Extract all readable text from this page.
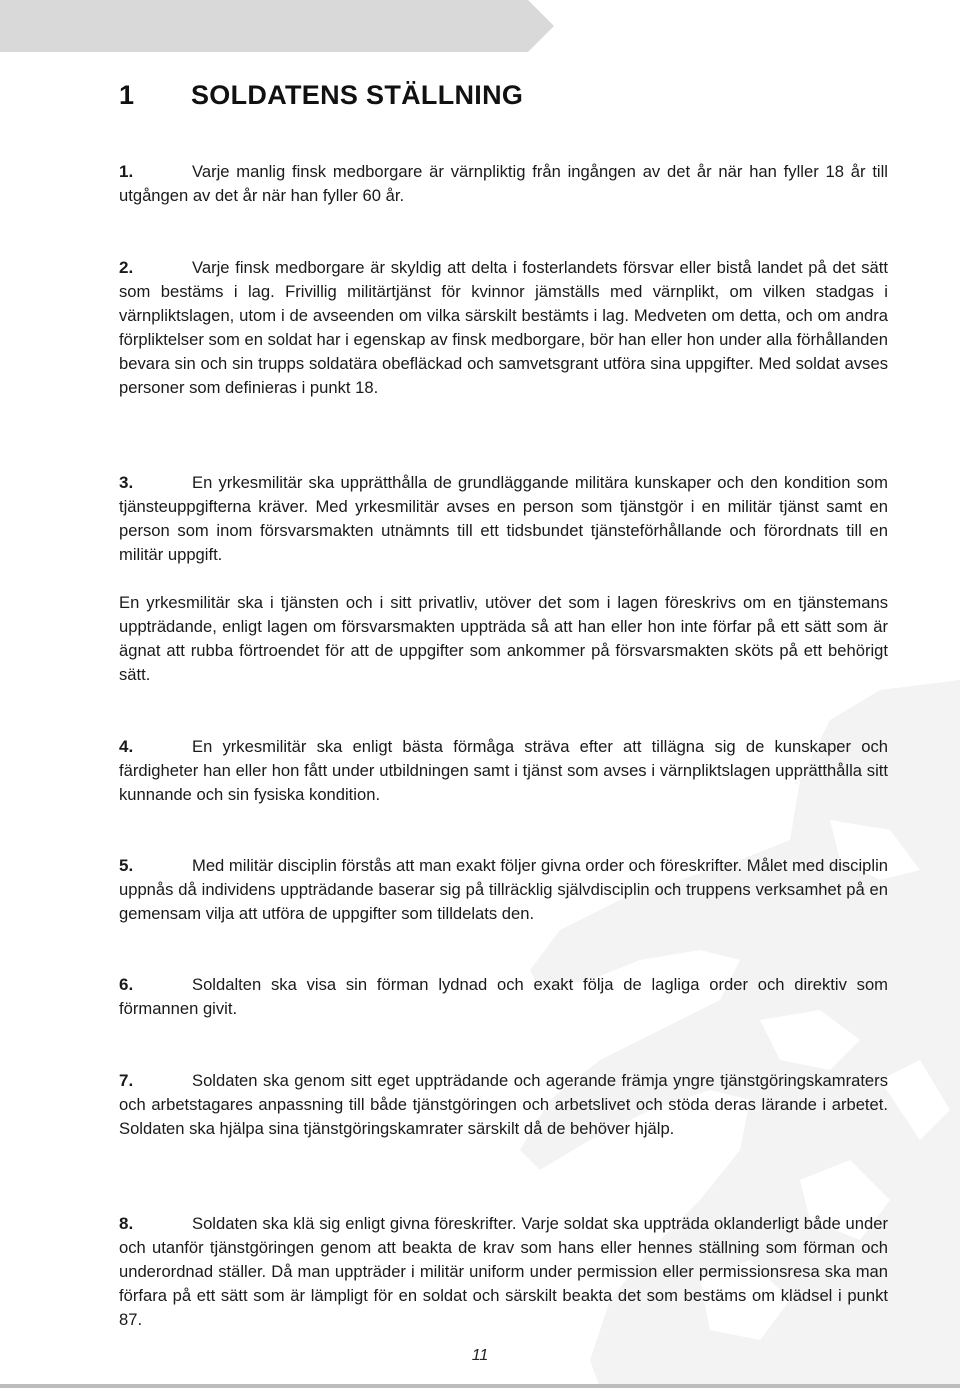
1 SOLDATENS STÄLLNING

1.	Varje manlig finsk medborgare är värnpliktig från ingången av det år när han fyller 18 år till utgången av det år när han fyller 60 år.

2.	Varje finsk medborgare är skyldig att delta i fosterlandets försvar eller bistå landet på det sätt som bestäms i lag. Frivillig militärtjänst för kvinnor jämställs med värnplikt, om vilken stadgas i värnpliktslagen, utom i de avseenden om vilka särskilt bestämts i lag. Medveten om detta, och om andra förpliktelser som en soldat har i egenskap av finsk medborgare, bör han eller hon under alla förhållanden bevara sin och sin trupps soldatära obefläckad och samvetsgrant utföra sina uppgifter. Med soldat avses personer som definieras i punkt 18.

3.	En yrkesmilitär ska upprätthålla de grundläggande militära kunskaper och den kondition som tjänsteuppgifterna kräver. Med yrkesmilitär avses en person som tjänstgör i en militär tjänst samt en person som inom försvarsmakten utnämnts till ett tidsbundet tjänsteförhållande och förordnats till en militär uppgift.

En yrkesmilitär ska i tjänsten och i sitt privatliv, utöver det som i lagen föreskrivs om en tjänstemans uppträdande, enligt lagen om försvarsmakten uppträda så att han eller hon inte förfar på ett sätt som är ägnat att rubba förtroendet för att de uppgifter som ankommer på försvarsmakten sköts på ett behörigt sätt.

4.	En yrkesmilitär ska enligt bästa förmåga sträva efter att tillägna sig de kunskaper och färdigheter han eller hon fått under utbildningen samt i tjänst som avses i värnpliktslagen upprätthålla sitt kunnande och sin fysiska kondition.

5.	Med militär disciplin förstås att man exakt följer givna order och föreskrifter. Målet med disciplin uppnås då individens uppträdande baserar sig på tillräcklig självdisciplin och truppens verksamhet på en gemensam vilja att utföra de uppgifter som tilldelats den.

6.	Soldalten ska visa sin förman lydnad och exakt följa de lagliga order och direktiv som förmannen givit.

7.	Soldaten ska genom sitt eget uppträdande och agerande främja yngre tjänstgöringskamraters och arbetstagares anpassning till både tjänstgöringen och arbetslivet och stöda deras lärande i arbetet. Soldaten ska hjälpa sina tjänstgöringskamrater särskilt då de behöver hjälp.

8.	Soldaten ska klä sig enligt givna föreskrifter. Varje soldat ska uppträda oklanderligt både under och utanför tjänstgöringen genom att beakta de krav som hans eller hennes ställning som förman och underordnad ställer. Då man uppträder i militär uniform under permission eller permissionsresa ska man förfara på ett sätt som är lämpligt för en soldat och särskilt beakta det som bestäms om klädsel i punkt 87.

11
